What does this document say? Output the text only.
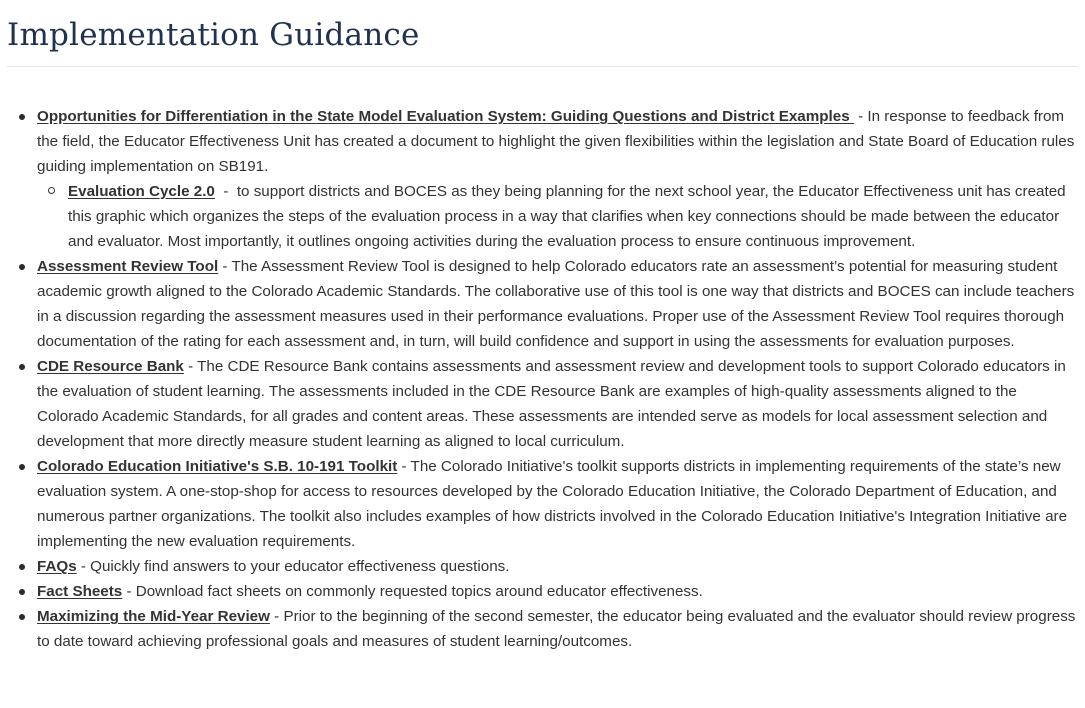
Implementation Guidance
Opportunities for Differentiation in the State Model Evaluation System: Guiding Questions and District Examples  - In response to feedback from the field, the Educator Effectiveness Unit has created a document to highlight the given flexibilities within the legislation and State Board of Education rules guiding implementation on SB191.
Evaluation Cycle 2.0  -  to support districts and BOCES as they being planning for the next school year, the Educator Effectiveness unit has created this graphic which organizes the steps of the evaluation process in a way that clarifies when key connections should be made between the educator and evaluator. Most importantly, it outlines ongoing activities during the evaluation process to ensure continuous improvement.
Assessment Review Tool - The Assessment Review Tool is designed to help Colorado educators rate an assessment’s potential for measuring student academic growth aligned to the Colorado Academic Standards. The collaborative use of this tool is one way that districts and BOCES can include teachers in a discussion regarding the assessment measures used in their performance evaluations. Proper use of the Assessment Review Tool requires thorough documentation of the rating for each assessment and, in turn, will build confidence and support in using the assessments for evaluation purposes.
CDE Resource Bank - The CDE Resource Bank contains assessments and assessment review and development tools to support Colorado educators in the evaluation of student learning. The assessments included in the CDE Resource Bank are examples of high-quality assessments aligned to the Colorado Academic Standards, for all grades and content areas. These assessments are intended serve as models for local assessment selection and development that more directly measure student learning as aligned to local curriculum.
Colorado Education Initiative's S.B. 10-191 Toolkit - The Colorado Initiative's toolkit supports districts in implementing requirements of the state’s new evaluation system. A one-stop-shop for access to resources developed by the Colorado Education Initiative, the Colorado Department of Education, and numerous partner organizations. The toolkit also includes examples of how districts involved in the Colorado Education Initiative's Integration Initiative are implementing the new evaluation requirements.
FAQs - Quickly find answers to your educator effectiveness questions.
Fact Sheets - Download fact sheets on commonly requested topics around educator effectiveness.
Maximizing the Mid-Year Review - Prior to the beginning of the second semester, the educator being evaluated and the evaluator should review progress to date toward achieving professional goals and measures of student learning/outcomes.
